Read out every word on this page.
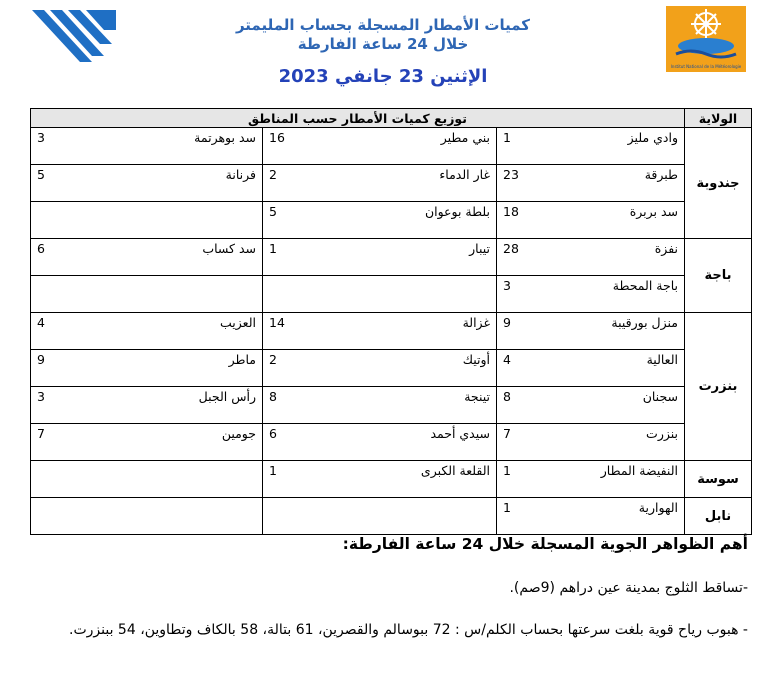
Institut National de la Météorologie
كميات الأمطار المسجلة بحساب المليمتر
خلال 24 ساعة الفارطة
الإثنين 23 جانفي 2023
توزيع كميات الأمطار حسب المناطق			الولاية

3 سد بوهرتمة	16 بني مطير	1 وادي مليز	جندوبة

5 فرنانة	2 غار الدماء	23 طبرقة	

	5 بلطة بوعوان	18 سد بربرة	

6 سد كساب	1 تيبار	28 نفزة	باجة

		3 باجة المحطة	

4 العزيب	14 غزالة	9 منزل بورقيبة	بنزرت

9 ماطر	2 أوتيك	4 العالية	

3 رأس الجبل	8 تينجة	8 سجنان	

7 جومين	6 سيدي أحمد	7 بنزرت	

	1 القلعة الكبرى	1 النفيضة المطار	سوسة

		1 الهوارية	نابل
أهم الظواهر الجوية المسجلة خلال 24 ساعة الفارطة:

-تساقط الثلوج بمدينة عين دراهم (9صم).

- هبوب رياح قوية بلغت سرعتها بحساب الكلم/س : 72 ببوسالم والقصرين، 61 بتالة، 58 بالكاف وتطاوين، 54 ببنزرت.
